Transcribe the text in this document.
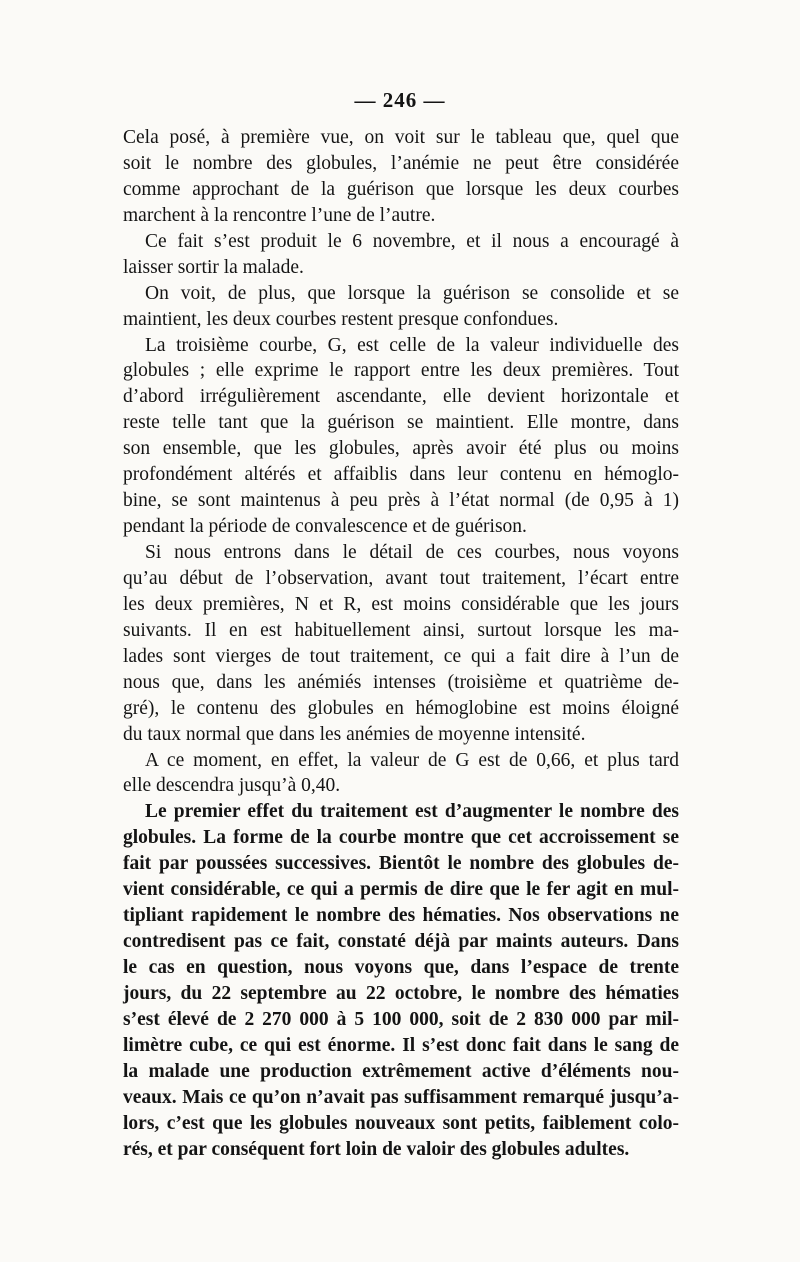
— 246 —
Cela posé, à première vue, on voit sur le tableau que, quel que
soit le nombre des globules, l’anémie ne peut être considérée
comme approchant de la guérison que lorsque les deux courbes
marchent à la rencontre l’une de l’autre.
Ce fait s’est produit le 6 novembre, et il nous a encouragé à
laisser sortir la malade.
On voit, de plus, que lorsque la guérison se consolide et se
maintient, les deux courbes restent presque confondues.
La troisième courbe, G, est celle de la valeur individuelle des
globules ; elle exprime le rapport entre les deux premières. Tout
d’abord irrégulièrement ascendante, elle devient horizontale et
reste telle tant que la guérison se maintient. Elle montre, dans
son ensemble, que les globules, après avoir été plus ou moins
profondément altérés et affaiblis dans leur contenu en hémoglo-
bine, se sont maintenus à peu près à l’état normal (de 0,95 à 1)
pendant la période de convalescence et de guérison.
Si nous entrons dans le détail de ces courbes, nous voyons
qu’au début de l’observation, avant tout traitement, l’écart entre
les deux premières, N et R, est moins considérable que les jours
suivants. Il en est habituellement ainsi, surtout lorsque les ma-
lades sont vierges de tout traitement, ce qui a fait dire à l’un de
nous que, dans les anémiés intenses (troisième et quatrième de-
gré), le contenu des globules en hémoglobine est moins éloigné
du taux normal que dans les anémies de moyenne intensité.
A ce moment, en effet, la valeur de G est de 0,66, et plus tard
elle descendra jusqu’à 0,40.
Le premier effet du traitement est d’augmenter le nombre des
globules. La forme de la courbe montre que cet accroissement se
fait par poussées successives. Bientôt le nombre des globules de-
vient considérable, ce qui a permis de dire que le fer agit en mul-
tipliant rapidement le nombre des hématies. Nos observations ne
contredisent pas ce fait, constaté déjà par maints auteurs. Dans
le cas en question, nous voyons que, dans l’espace de trente
jours, du 22 septembre au 22 octobre, le nombre des hématies
s’est élevé de 2 270 000 à 5 100 000, soit de 2 830 000 par mil-
limètre cube, ce qui est énorme. Il s’est donc fait dans le sang de
la malade une production extrêmement active d’éléments nou-
veaux. Mais ce qu’on n’avait pas suffisamment remarqué jusqu’a-
lors, c’est que les globules nouveaux sont petits, faiblement colo-
rés, et par conséquent fort loin de valoir des globules adultes.
